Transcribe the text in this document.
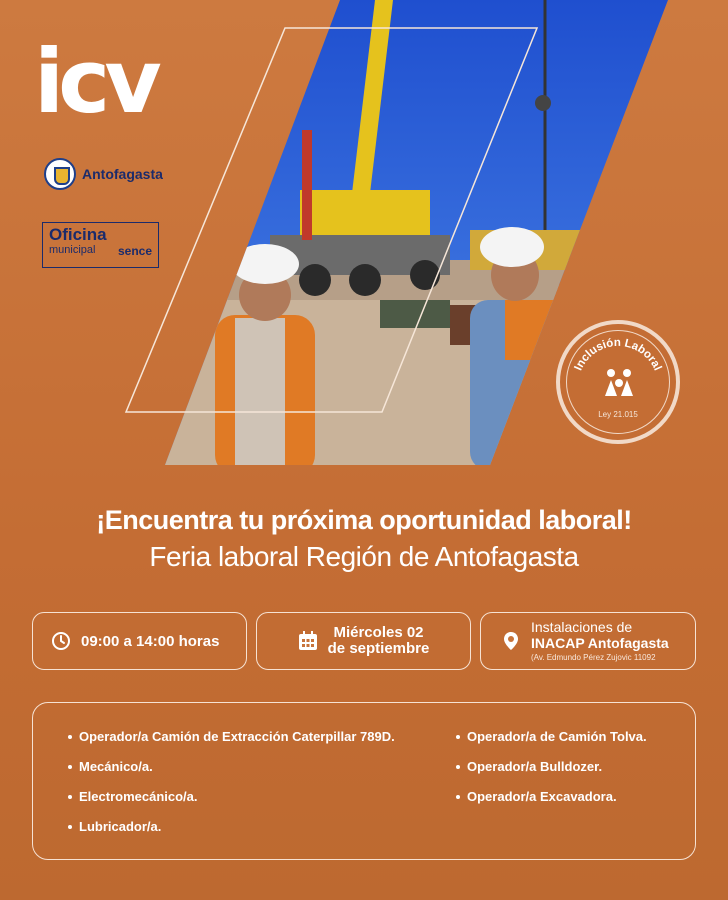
icv
Antofagasta
Oficina
municipal sence
Inclusión Laboral
Ley 21.015
¡Encuentra tu próxima oportunidad laboral!
Feria laboral Región de Antofagasta
09:00 a 14:00 horas	Miércoles 02
de septiembre
Instalaciones de
INACAP Antofagasta
(Av. Edmundo Pérez Zujovic 11092
Operador/a Camión de Extracción Caterpillar 789D.
Mecánico/a.
Electromecánico/a.
Lubricador/a.
Operador/a de Camión Tolva.
Operador/a Bulldozer.
Operador/a Excavadora.
